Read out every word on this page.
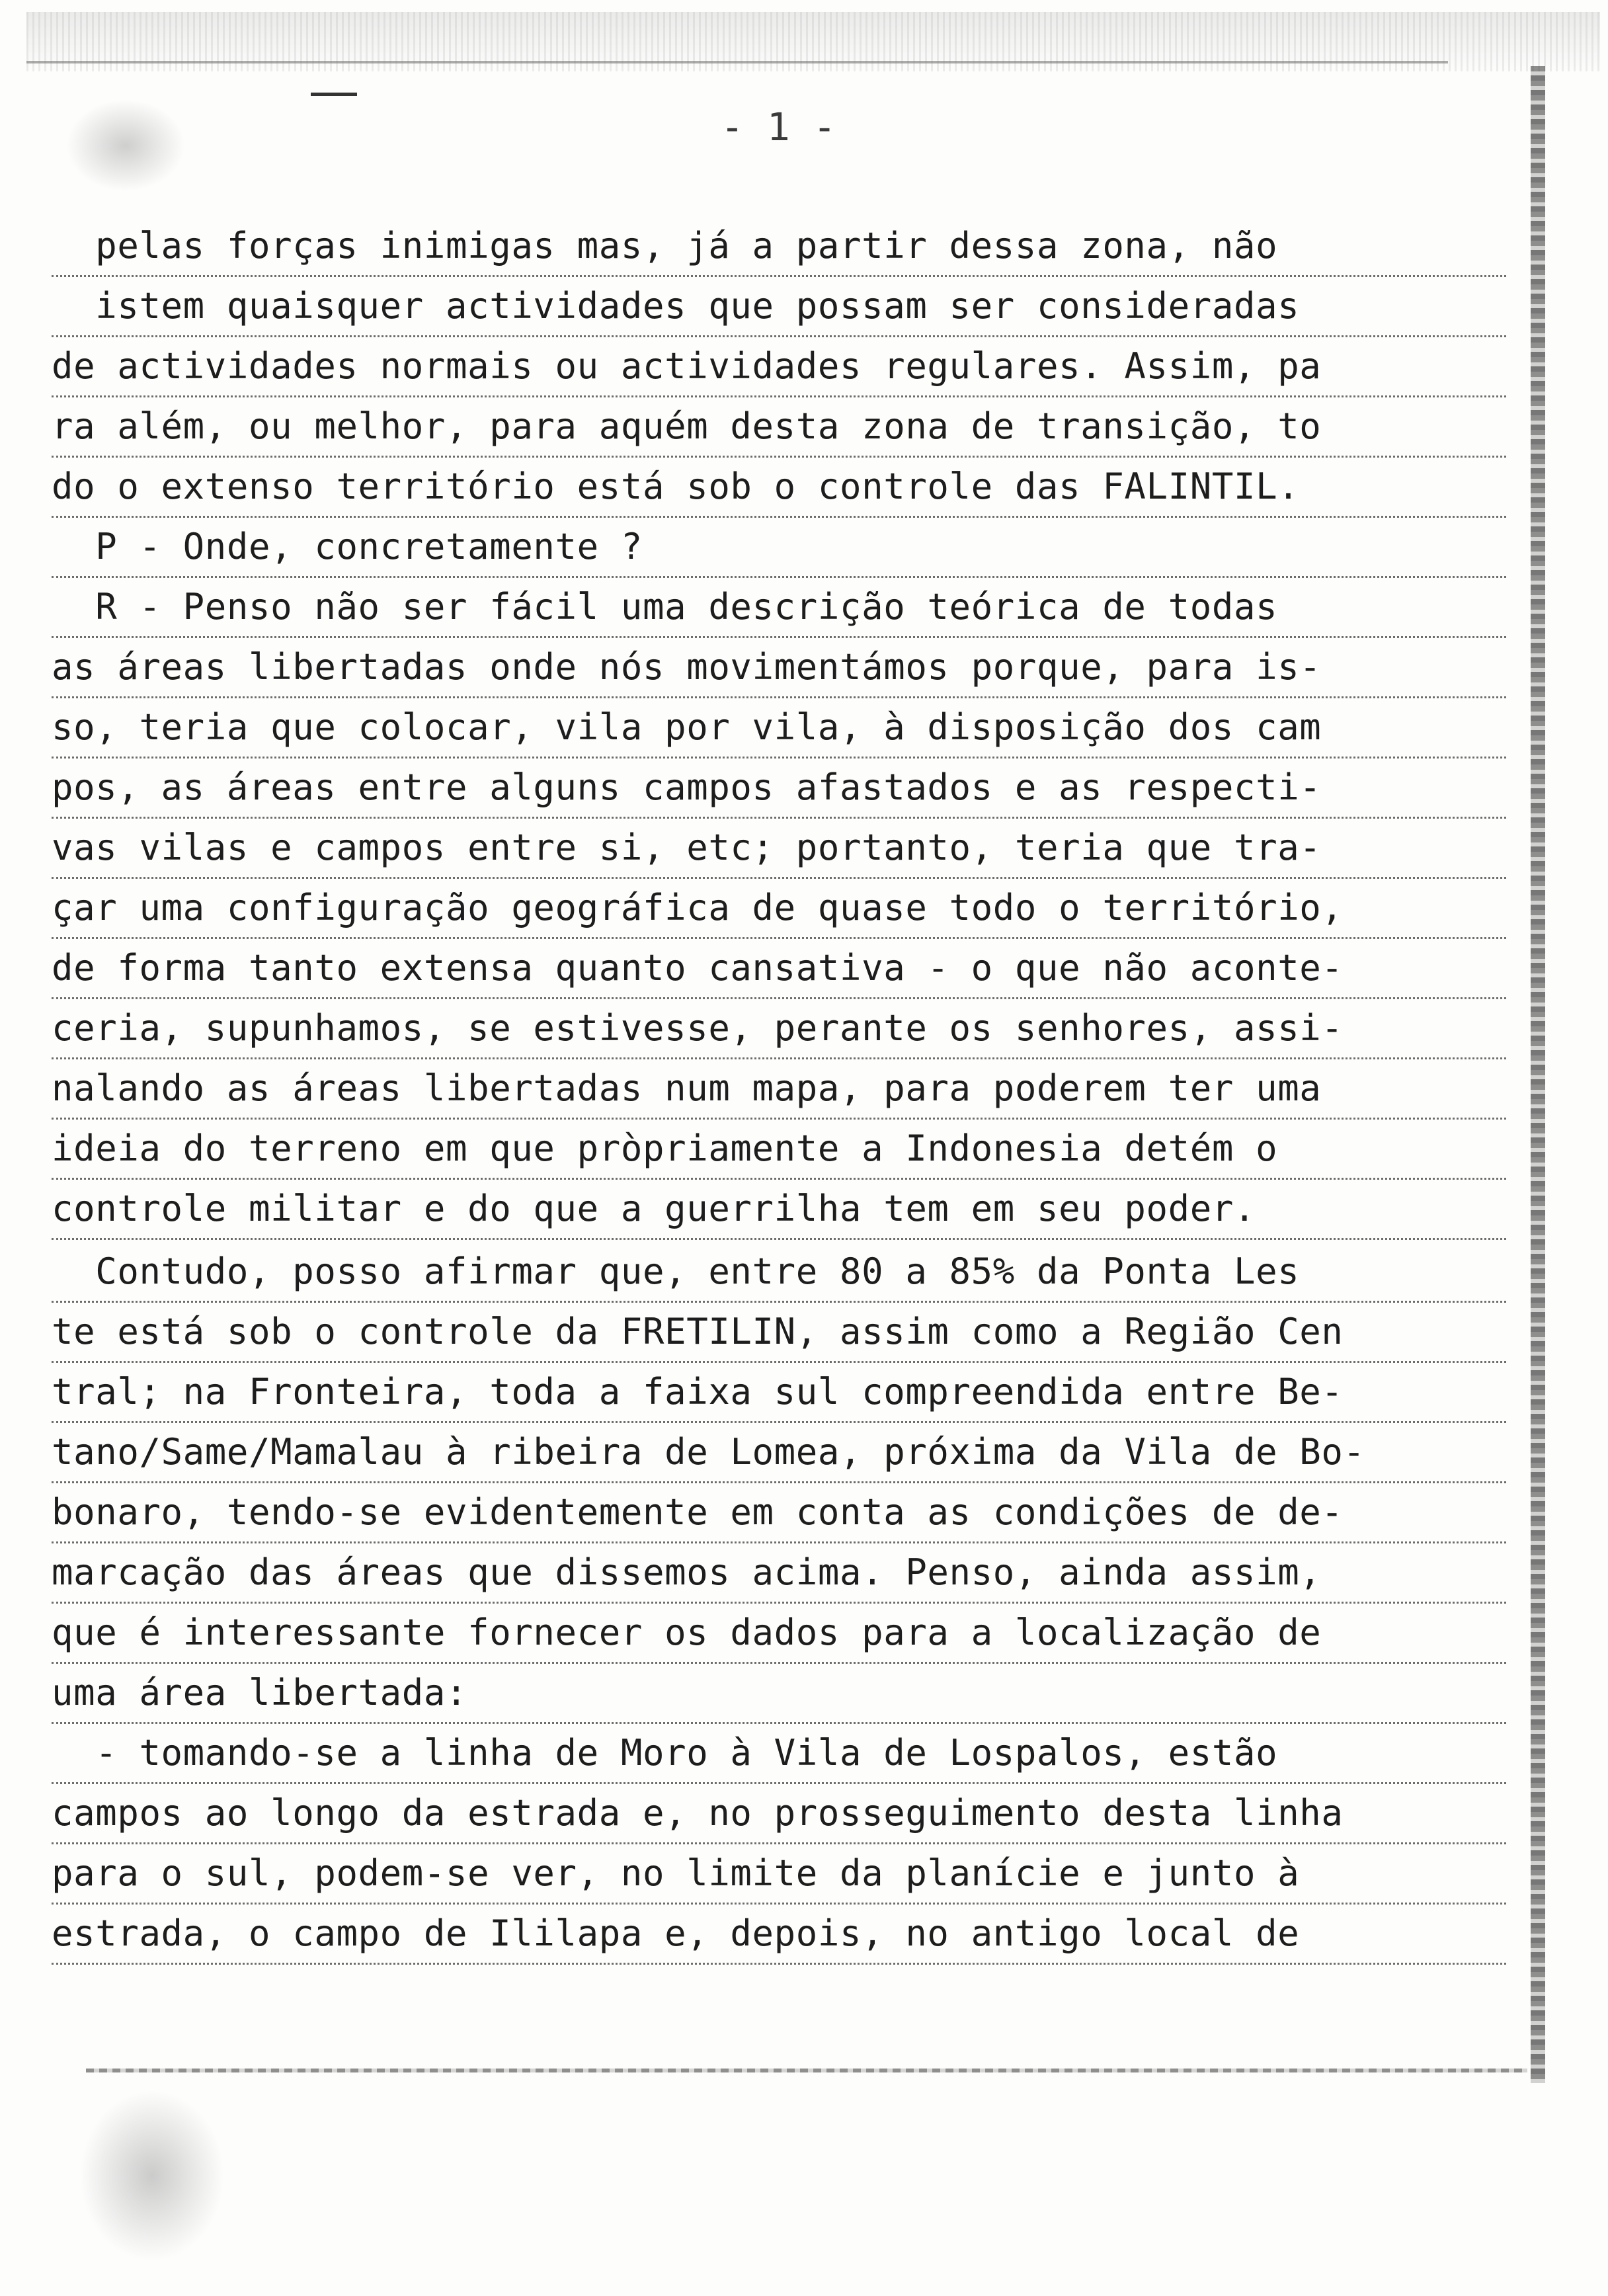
- 1 -
pelas forças inimigas mas, já a partir dessa zona, não
istem quaisquer actividades que possam ser consideradas
de actividades normais ou actividades regulares. Assim, pa
ra além, ou melhor, para aquém desta zona de transição, to
do o extenso território está sob o controle das FALINTIL.
P - Onde, concretamente ?
R - Penso não ser fácil uma descrição teórica de todas
as áreas libertadas onde nós movimentámos porque, para is-
so, teria que colocar, vila por vila, à disposição dos cam
pos, as áreas entre alguns campos afastados e as respecti-
vas vilas e campos entre si, etc; portanto, teria que tra-
çar uma configuração geográfica de quase todo o território,
de forma tanto extensa quanto cansativa - o que não aconte-
ceria, supunhamos, se estivesse, perante os senhores, assi-
nalando as áreas libertadas num mapa, para poderem ter uma
ideia do terreno em que pròpriamente a Indonesia detém o
controle militar e do que a guerrilha tem em seu poder.
Contudo, posso afirmar que, entre 80 a 85% da Ponta Les
te está sob o controle da FRETILIN, assim como a Região Cen
tral; na Fronteira, toda a faixa sul compreendida entre Be-
tano/Same/Mamalau à ribeira de Lomea, próxima da Vila de Bo-
bonaro, tendo-se evidentemente em conta as condições de de-
marcação das áreas que dissemos acima. Penso, ainda assim,
que é interessante fornecer os dados para a localização de
uma área libertada:
- tomando-se a linha de Moro à Vila de Lospalos, estão
campos ao longo da estrada e, no prosseguimento desta linha
para o sul, podem-se ver, no limite da planície e junto à
estrada, o campo de Ililapa e, depois, no antigo local de
